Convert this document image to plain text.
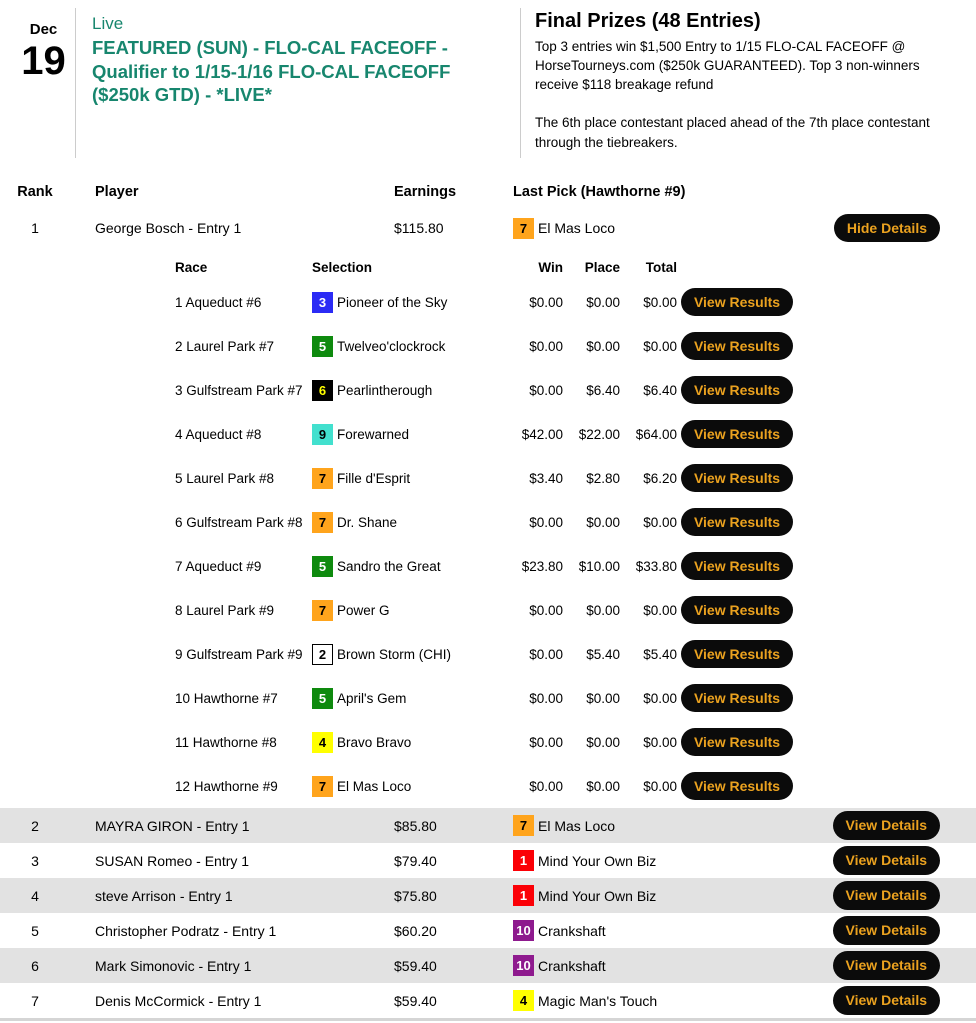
Dec
19
Live
FEATURED (SUN) - FLO-CAL FACEOFF - Qualifier to 1/15-1/16 FLO-CAL FACEOFF ($250k GTD) - *LIVE*
Final Prizes (48 Entries)

Top 3 entries win $1,500 Entry to 1/15 FLO-CAL FACEOFF @ HorseTourneys.com ($250k GUARANTEED). Top 3 non-winners receive $118 breakage refund

The 6th place contestant placed ahead of the 7th place contestant through the tiebreakers.

Rank	Player	Earnings	Last Pick (Hawthorne #9)
1	George Bosch - Entry 1	$115.80	7 El Mas Loco	Hide Details
Race	Selection	Win	Place	Total
1 Aqueduct #6	3 Pioneer of the Sky	$0.00	$0.00	$0.00	View Results
2 Laurel Park #7	5 Twelveo'clockrock	$0.00	$0.00	$0.00	View Results
3 Gulfstream Park #7	6 Pearlintherough	$0.00	$6.40	$6.40	View Results
4 Aqueduct #8	9 Forewarned	$42.00	$22.00	$64.00	View Results
5 Laurel Park #8	7 Fille d'Esprit	$3.40	$2.80	$6.20	View Results
6 Gulfstream Park #8	7 Dr. Shane	$0.00	$0.00	$0.00	View Results
7 Aqueduct #9	5 Sandro the Great	$23.80	$10.00	$33.80	View Results
8 Laurel Park #9	7 Power G	$0.00	$0.00	$0.00	View Results
9 Gulfstream Park #9	2 Brown Storm (CHI)	$0.00	$5.40	$5.40	View Results
10 Hawthorne #7	5 April's Gem	$0.00	$0.00	$0.00	View Results
11 Hawthorne #8	4 Bravo Bravo	$0.00	$0.00	$0.00	View Results
12 Hawthorne #9	7 El Mas Loco	$0.00	$0.00	$0.00	View Results
2	MAYRA GIRON - Entry 1	$85.80	7 El Mas Loco	View Details
3	SUSAN Romeo - Entry 1	$79.40	1 Mind Your Own Biz	View Details
4	steve Arrison - Entry 1	$75.80	1 Mind Your Own Biz	View Details
5	Christopher Podratz - Entry 1	$60.20	10 Crankshaft	View Details
6	Mark Simonovic - Entry 1	$59.40	10 Crankshaft	View Details
7	Denis McCormick - Entry 1	$59.40	4 Magic Man's Touch	View Details
